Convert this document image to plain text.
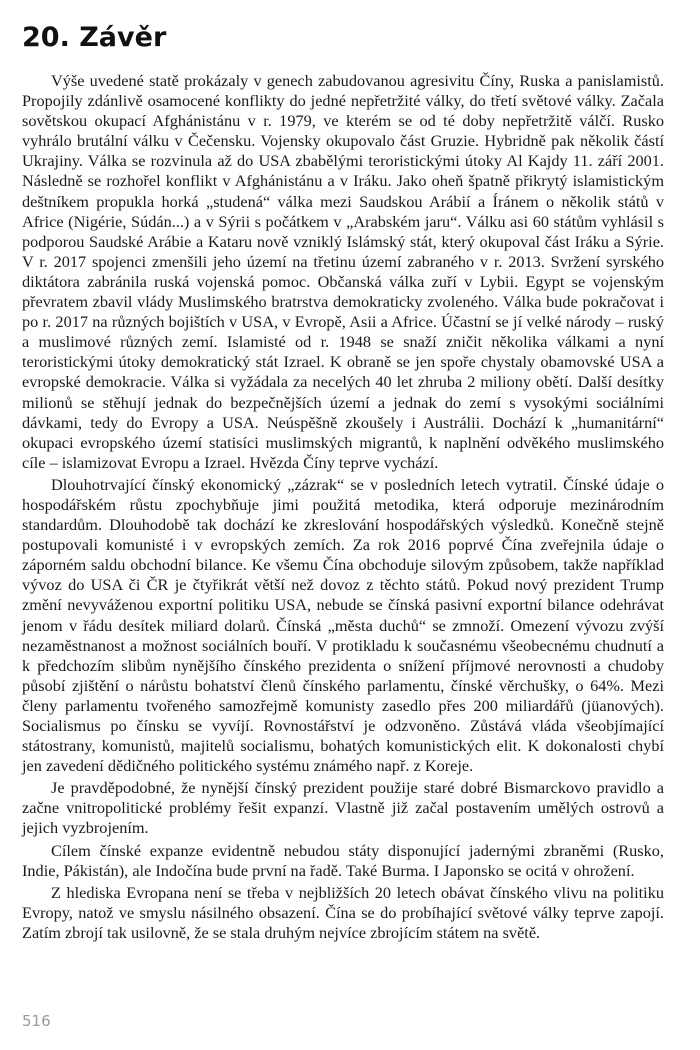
20. Závěr

Výše uvedené statě prokázaly v genech zabudovanou agresivitu Číny, Ruska a panislamistů. Propojily zdánlivě osamocené konflikty do jedné nepřetržité války, do třetí světové války. Začala sovětskou okupací Afghánistánu v r. 1979, ve kterém se od té doby nepřetržitě válčí. Rusko vyhrálo brutální válku v Čečensku. Vojensky okupovalo část Gruzie. Hybridně pak několik částí Ukrajiny. Válka se rozvinula až do USA zbabělými teroristickými útoky Al Kajdy 11. září 2001. Následně se rozhořel konflikt v Afghánistánu a v Iráku. Jako oheň špatně přikrytý islamistickým deštníkem propukla horká „studená“ válka mezi Saudskou Arábií a Íránem o několik států v Africe (Nigérie, Súdán...) a v Sýrii s počátkem v „Arabském jaru“. Válku asi 60 státům vyhlásil s podporou Saudské Arábie a Kataru nově vzniklý Islámský stát, který okupoval část Iráku a Sýrie. V r. 2017 spojenci zmenšili jeho území na třetinu území zabraného v r. 2013. Svržení syrského diktátora zabránila ruská vojenská pomoc. Občanská válka zuří v Lybii. Egypt se vojenským převratem zbavil vlády Muslimského bratrstva demokraticky zvoleného. Válka bude pokračovat i po r. 2017 na různých bojištích v USA, v Evropě, Asii a Africe. Účastní se jí velké národy – ruský a muslimové různých zemí. Islamisté od r. 1948 se snaží zničit několika válkami a nyní teroristickými útoky demokratický stát Izrael. K obraně se jen spoře chystaly obamovské USA a evropské demokracie. Válka si vyžádala za necelých 40 let zhruba 2 miliony obětí. Další desítky milionů se stěhují jednak do bezpečnějších území a jednak do zemí s vysokými sociálními dávkami, tedy do Evropy a USA. Neúspěšně zkoušely i Austrálii. Dochází k „humanitární“ okupaci evropského území statisíci muslimských migrantů, k naplnění odvěkého muslimského cíle – islamizovat Evropu a Izrael. Hvězda Číny teprve vychází.

Dlouhotrvající čínský ekonomický „zázrak“ se v posledních letech vytratil. Čínské údaje o hospodářském růstu zpochybňuje jimi použitá metodika, která odporuje mezinárodním standardům. Dlouhodobě tak dochází ke zkreslování hospodářských výsledků. Konečně stejně postupovali komunisté i v evropských zemích. Za rok 2016 poprvé Čína zveřejnila údaje o záporném saldu obchodní bilance. Ke všemu Čína obchoduje silovým způsobem, takže například vývoz do USA či ČR je čtyřikrát větší než dovoz z těchto států. Pokud nový prezident Trump změní nevyváženou exportní politiku USA, nebude se čínská pasivní exportní bilance odehrávat jenom v řádu desítek miliard dolarů. Čínská „města duchů“ se zmnoží. Omezení vývozu zvýší nezaměstnanost a možnost sociálních bouří. V protikladu k současnému všeobecnému chudnutí a k předchozím slibům nynějšího čínského prezidenta o snížení příjmové nerovnosti a chudoby působí zjištění o nárůstu bohatství členů čínského parlamentu, čínské věrchušky, o 64%. Mezi členy parlamentu tvořeného samozřejmě komunisty zasedlo přes 200 miliardářů (jüanových). Socialismus po čínsku se vyvíjí. Rovnostářství je odzvoněno. Zůstává vláda všeobjímající státostrany, komunistů, majitelů socialismu, bohatých komunistických elit. K dokonalosti chybí jen zavedení dědičného politického systému známého např. z Koreje.

Je pravděpodobné, že nynější čínský prezident použije staré dobré Bismarckovo pravidlo a začne vnitropolitické problémy řešit expanzí. Vlastně již začal postavením umělých ostrovů a jejich vyzbrojením.

Cílem čínské expanze evidentně nebudou státy disponující jadernými zbraněmi (Rusko, Indie, Pákistán), ale Indočína bude první na řadě. Také Burma. I Japonsko se ocitá v ohrožení.

Z hlediska Evropana není se třeba v nejbližších 20 letech obávat čínského vlivu na politiku Evropy, natož ve smyslu násilného obsazení. Čína se do probíhající světové války teprve zapojí. Zatím zbrojí tak usilovně, že se stala druhým nejvíce zbrojícím státem na světě.

516
